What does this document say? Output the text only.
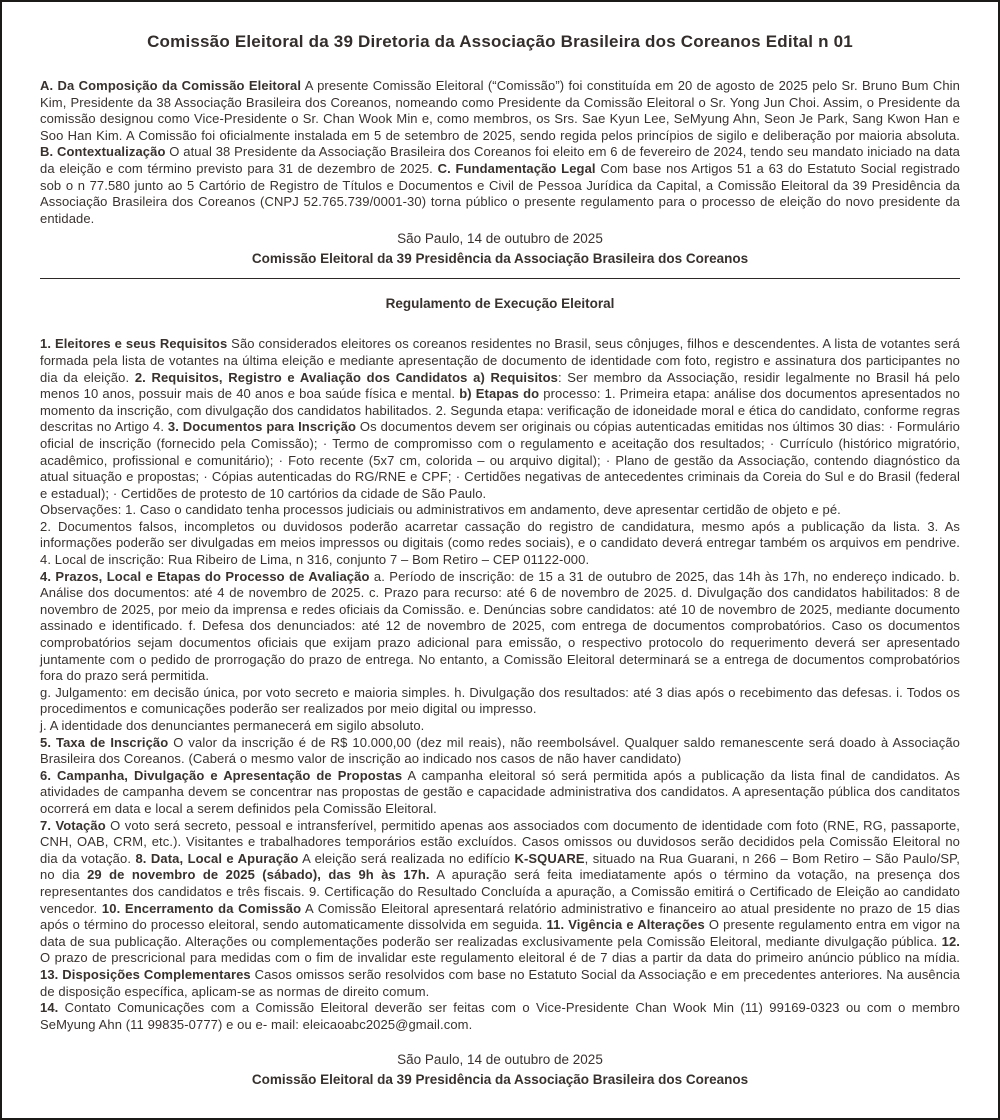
Comissão Eleitoral da 39 Diretoria da Associação Brasileira dos Coreanos Edital n 01

A. Da Composição da Comissão Eleitoral A presente Comissão Eleitoral (“Comissão”) foi constituída em 20 de agosto de 2025 pelo Sr. Bruno Bum Chin Kim, Presidente da 38 Associação Brasileira dos Coreanos, nomeando como Presidente da Comissão Eleitoral o Sr. Yong Jun Choi. Assim, o Presidente da comissão designou como Vice-Presidente o Sr. Chan Wook Min e, como membros, os Srs. Sae Kyun Lee, SeMyung Ahn, Seon Je Park, Sang Kwon Han e Soo Han Kim. A Comissão foi oficialmente instalada em 5 de setembro de 2025, sendo regida pelos princípios de sigilo e deliberação por maioria absoluta. B. Contextualização O atual 38 Presidente da Associação Brasileira dos Coreanos foi eleito em 6 de fevereiro de 2024, tendo seu mandato iniciado na data da eleição e com término previsto para 31 de dezembro de 2025. C. Fundamentação Legal Com base nos Artigos 51 a 63 do Estatuto Social registrado sob o n 77.580 junto ao 5 Cartório de Registro de Títulos e Documentos e Civil de Pessoa Jurídica da Capital, a Comissão Eleitoral da 39 Presidência da Associação Brasileira dos Coreanos (CNPJ 52.765.739/0001-30) torna público o presente regulamento para o processo de eleição do novo presidente da entidade.

São Paulo, 14 de outubro de 2025

Comissão Eleitoral da 39 Presidência da Associação Brasileira dos Coreanos

Regulamento de Execução Eleitoral

1. Eleitores e seus Requisitos São considerados eleitores os coreanos residentes no Brasil, seus cônjuges, filhos e descendentes. A lista de votantes será formada pela lista de votantes na última eleição e mediante apresentação de documento de identidade com foto, registro e assinatura dos participantes no dia da eleição. 2. Requisitos, Registro e Avaliação dos Candidatos a) Requisitos: Ser membro da Associação, residir legalmente no Brasil há pelo menos 10 anos, possuir mais de 40 anos e boa saúde física e mental. b) Etapas do processo: 1. Primeira etapa: análise dos documentos apresentados no momento da inscrição, com divulgação dos candidatos habilitados. 2. Segunda etapa: verificação de idoneidade moral e ética do candidato, conforme regras descritas no Artigo 4. 3. Documentos para Inscrição Os documentos devem ser originais ou cópias autenticadas emitidas nos últimos 30 dias: · Formulário oficial de inscrição (fornecido pela Comissão); · Termo de compromisso com o regulamento e aceitação dos resultados; · Currículo (histórico migratório, acadêmico, profissional e comunitário); · Foto recente (5x7 cm, colorida – ou arquivo digital); · Plano de gestão da Associação, contendo diagnóstico da atual situação e propostas; · Cópias autenticadas do RG/RNE e CPF; · Certidões negativas de antecedentes criminais da Coreia do Sul e do Brasil (federal e estadual); · Certidões de protesto de 10 cartórios da cidade de São Paulo.

Observações: 1. Caso o candidato tenha processos judiciais ou administrativos em andamento, deve apresentar certidão de objeto e pé.

2. Documentos falsos, incompletos ou duvidosos poderão acarretar cassação do registro de candidatura, mesmo após a publicação da lista. 3. As informações poderão ser divulgadas em meios impressos ou digitais (como redes sociais), e o candidato deverá entregar também os arquivos em pendrive. 4. Local de inscrição: Rua Ribeiro de Lima, n 316, conjunto 7 – Bom Retiro – CEP 01122-000.

4. Prazos, Local e Etapas do Processo de Avaliação a. Período de inscrição: de 15 a 31 de outubro de 2025, das 14h às 17h, no endereço indicado. b. Análise dos documentos: até 4 de novembro de 2025. c. Prazo para recurso: até 6 de novembro de 2025. d. Divulgação dos candidatos habilitados: 8 de novembro de 2025, por meio da imprensa e redes oficiais da Comissão. e. Denúncias sobre candidatos: até 10 de novembro de 2025, mediante documento assinado e identificado. f. Defesa dos denunciados: até 12 de novembro de 2025, com entrega de documentos comprobatórios. Caso os documentos comprobatórios sejam documentos oficiais que exijam prazo adicional para emissão, o respectivo protocolo do requerimento deverá ser apresentado juntamente com o pedido de prorrogação do prazo de entrega. No entanto, a Comissão Eleitoral determinará se a entrega de documentos comprobatórios fora do prazo será permitida.

g. Julgamento: em decisão única, por voto secreto e maioria simples. h. Divulgação dos resultados: até 3 dias após o recebimento das defesas. i. Todos os procedimentos e comunicações poderão ser realizados por meio digital ou impresso.

j. A identidade dos denunciantes permanecerá em sigilo absoluto.

5. Taxa de Inscrição O valor da inscrição é de R$ 10.000,00 (dez mil reais), não reembolsável. Qualquer saldo remanescente será doado à Associação Brasileira dos Coreanos. (Caberá o mesmo valor de inscrição ao indicado nos casos de não haver candidato)

6. Campanha, Divulgação e Apresentação de Propostas A campanha eleitoral só será permitida após a publicação da lista final de candidatos. As atividades de campanha devem se concentrar nas propostas de gestão e capacidade administrativa dos candidatos. A apresentação pública dos canditatos ocorrerá em data e local a serem definidos pela Comissão Eleitoral.

7. Votação O voto será secreto, pessoal e intransferível, permitido apenas aos associados com documento de identidade com foto (RNE, RG, passaporte, CNH, OAB, CRM, etc.). Visitantes e trabalhadores temporários estão excluídos. Casos omissos ou duvidosos serão decididos pela Comissão Eleitoral no dia da votação. 8. Data, Local e Apuração A eleição será realizada no edifício K-SQUARE, situado na Rua Guarani, n 266 – Bom Retiro – São Paulo/SP, no dia 29 de novembro de 2025 (sábado), das 9h às 17h. A apuração será feita imediatamente após o término da votação, na presença dos representantes dos candidatos e três fiscais. 9. Certificação do Resultado Concluída a apuração, a Comissão emitirá o Certificado de Eleição ao candidato vencedor. 10. Encerramento da Comissão A Comissão Eleitoral apresentará relatório administrativo e financeiro ao atual presidente no prazo de 15 dias após o término do processo eleitoral, sendo automaticamente dissolvida em seguida. 11. Vigência e Alterações O presente regulamento entra em vigor na data de sua publicação. Alterações ou complementações poderão ser realizadas exclusivamente pela Comissão Eleitoral, mediante divulgação pública. 12. O prazo de prescricional para medidas com o fim de invalidar este regulamento eleitoral é de 7 dias a partir da data do primeiro anúncio público na mídia. 13. Disposições Complementares Casos omissos serão resolvidos com base no Estatuto Social da Associação e em precedentes anteriores. Na ausência de disposição específica, aplicam-se as normas de direito comum.

14. Contato Comunicações com a Comissão Eleitoral deverão ser feitas com o Vice-Presidente Chan Wook Min (11) 99169-0323 ou com o membro SeMyung Ahn (11 99835-0777) e ou e- mail: eleicaoabc2025@gmail.com.

São Paulo, 14 de outubro de 2025

Comissão Eleitoral da 39 Presidência da Associação Brasileira dos Coreanos
